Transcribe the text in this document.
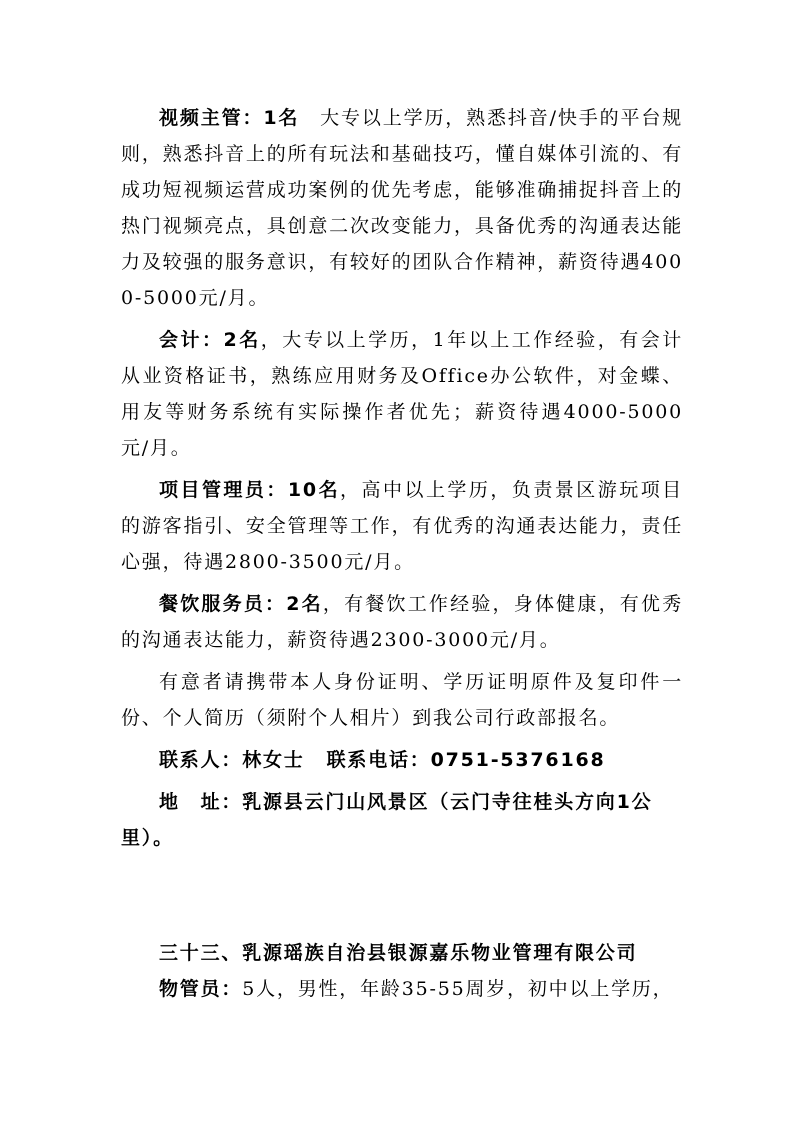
视频主管：1名　大专以上学历，熟悉抖音/快手的平台规则，熟悉抖音上的所有玩法和基础技巧，懂自媒体引流的、有成功短视频运营成功案例的优先考虑，能够准确捕捉抖音上的热门视频亮点，具创意二次改变能力，具备优秀的沟通表达能力及较强的服务意识，有较好的团队合作精神，薪资待遇4000-5000元/月。

会计：2名，大专以上学历，1年以上工作经验，有会计从业资格证书，熟练应用财务及Office办公软件，对金蝶、用友等财务系统有实际操作者优先；薪资待遇4000-5000元/月。

项目管理员：10名，高中以上学历，负责景区游玩项目的游客指引、安全管理等工作，有优秀的沟通表达能力，责任心强，待遇2800-3500元/月。

餐饮服务员：2名，有餐饮工作经验，身体健康，有优秀的沟通表达能力，薪资待遇2300-3000元/月。

有意者请携带本人身份证明、学历证明原件及复印件一份、个人简历（须附个人相片）到我公司行政部报名。

联系人：林女士 联系电话：0751-5376168

地　址：乳源县云门山风景区（云门寺往桂头方向1公里）。

三十三、乳源瑶族自治县银源嘉乐物业管理有限公司

物管员：5人，男性，年龄35-55周岁，初中以上学历，
